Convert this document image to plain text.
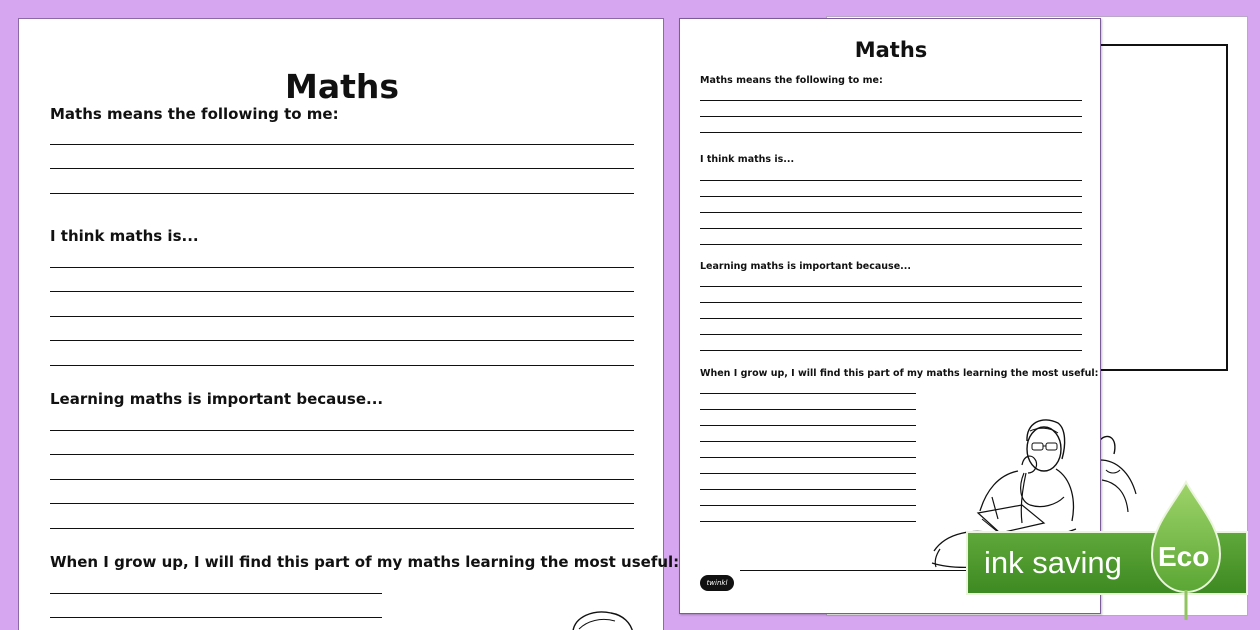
Maths
Maths means the following to me:
I think maths is...
Learning maths is important because...
When I grow up, I will find this part of my maths learning the most useful:
Maths
Maths means the following to me:
I think maths is...
Learning maths is important because...
When I grow up, I will find this part of my maths learning the most useful:
twinkl
ink saving Eco
